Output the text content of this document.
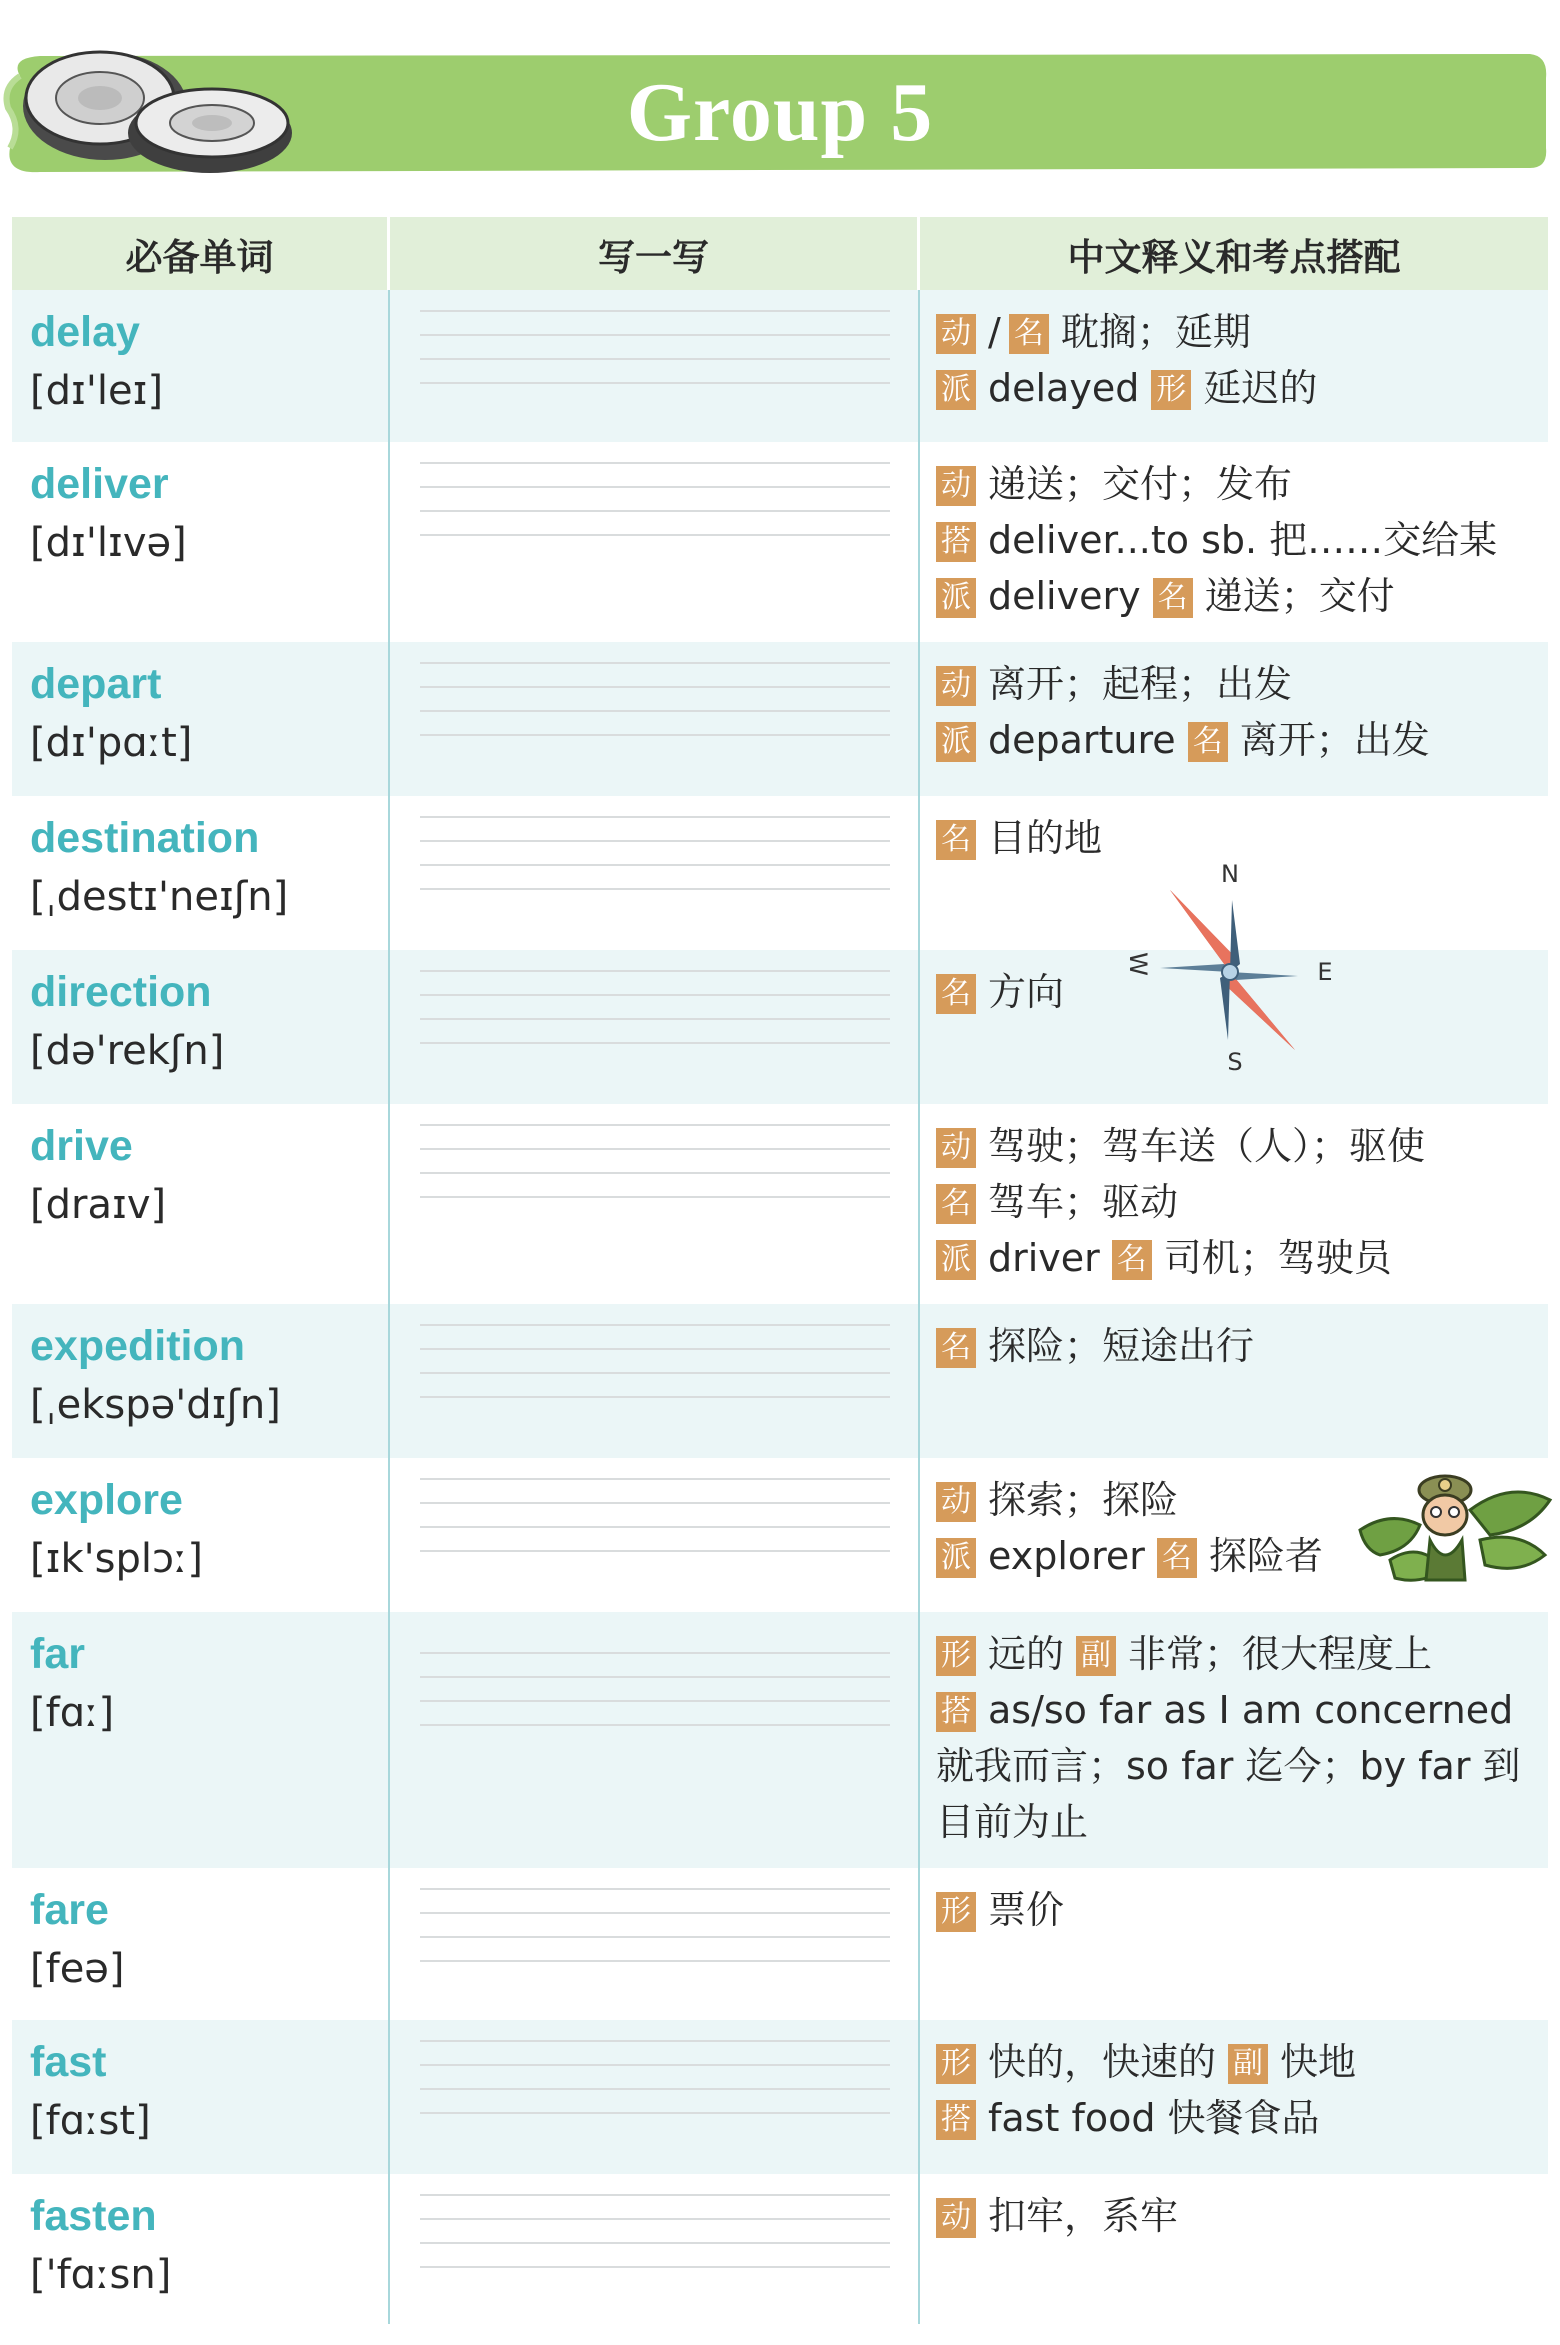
Group 5
必备单词	写一写	中文释义和考点搭配
delay
[dɪ'leɪ]
动 / 名 耽搁；延期
派 delayed 形 延迟的
deliver
[dɪ'lɪvə]
动 递送；交付；发布
搭 deliver...to sb. 把……交给某
派 delivery 名 递送；交付
depart
[dɪ'pɑːt]
动 离开；起程；出发
派 departure 名 离开；出发
destination
[ˌdestɪ'neɪʃn]
名 目的地
direction
[də'rekʃn]
名 方向
drive
[draɪv]
动 驾驶；驾车送（人）；驱使
名 驾车；驱动
派 driver 名 司机；驾驶员
expedition
[ˌekspə'dɪʃn]
名 探险；短途出行
explore
[ɪk'splɔː]
动 探索；探险
派 explorer 名 探险者
far
[fɑː]
形 远的 副 非常；很大程度上
搭 as/so far as I am concerned
就我而言；so far 迄今；by far 到
目前为止
fare
[feə]
形 票价
fast
[fɑːst]
形 快的，快速的 副 快地
搭 fast food 快餐食品
fasten
['fɑːsn]
动 扣牢，系牢
N
E
S
W
